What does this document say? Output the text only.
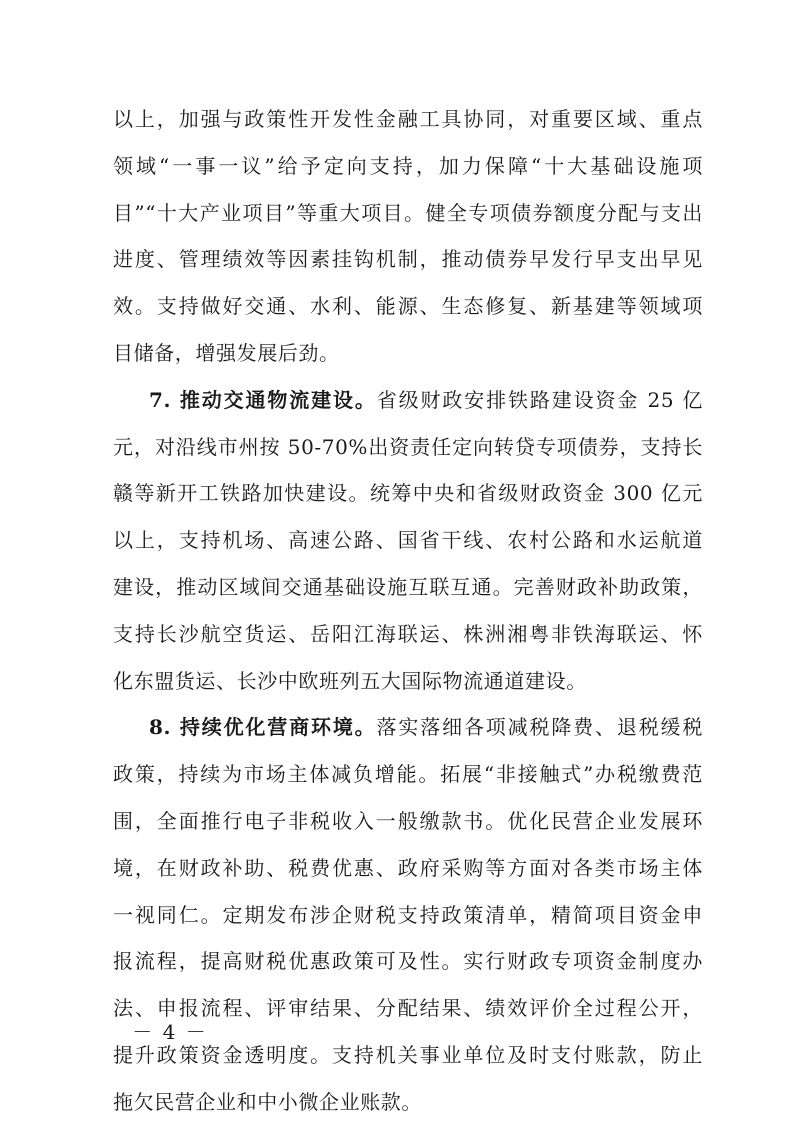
以上，加强与政策性开发性金融工具协同，对重要区域、重点
领域“一事一议”给予定向支持，加力保障“十大基础设施项
目”“十大产业项目”等重大项目。健全专项债券额度分配与支出
进度、管理绩效等因素挂钩机制，推动债券早发行早支出早见
效。支持做好交通、水利、能源、生态修复、新基建等领域项
目储备，增强发展后劲。
7. 推动交通物流建设。省级财政安排铁路建设资金 25 亿
元，对沿线市州按 50-70%出资责任定向转贷专项债券，支持长
赣等新开工铁路加快建设。统筹中央和省级财政资金 300 亿元
以上，支持机场、高速公路、国省干线、农村公路和水运航道
建设，推动区域间交通基础设施互联互通。完善财政补助政策，
支持长沙航空货运、岳阳江海联运、株洲湘粤非铁海联运、怀
化东盟货运、长沙中欧班列五大国际物流通道建设。
8. 持续优化营商环境。落实落细各项减税降费、退税缓税
政策，持续为市场主体减负增能。拓展“非接触式”办税缴费范
围，全面推行电子非税收入一般缴款书。优化民营企业发展环
境，在财政补助、税费优惠、政府采购等方面对各类市场主体
一视同仁。定期发布涉企财税支持政策清单，精简项目资金申
报流程，提高财税优惠政策可及性。实行财政专项资金制度办
法、申报流程、评审结果、分配结果、绩效评价全过程公开，
提升政策资金透明度。支持机关事业单位及时支付账款，防止
拖欠民营企业和中小微企业账款。
－ 4 －
